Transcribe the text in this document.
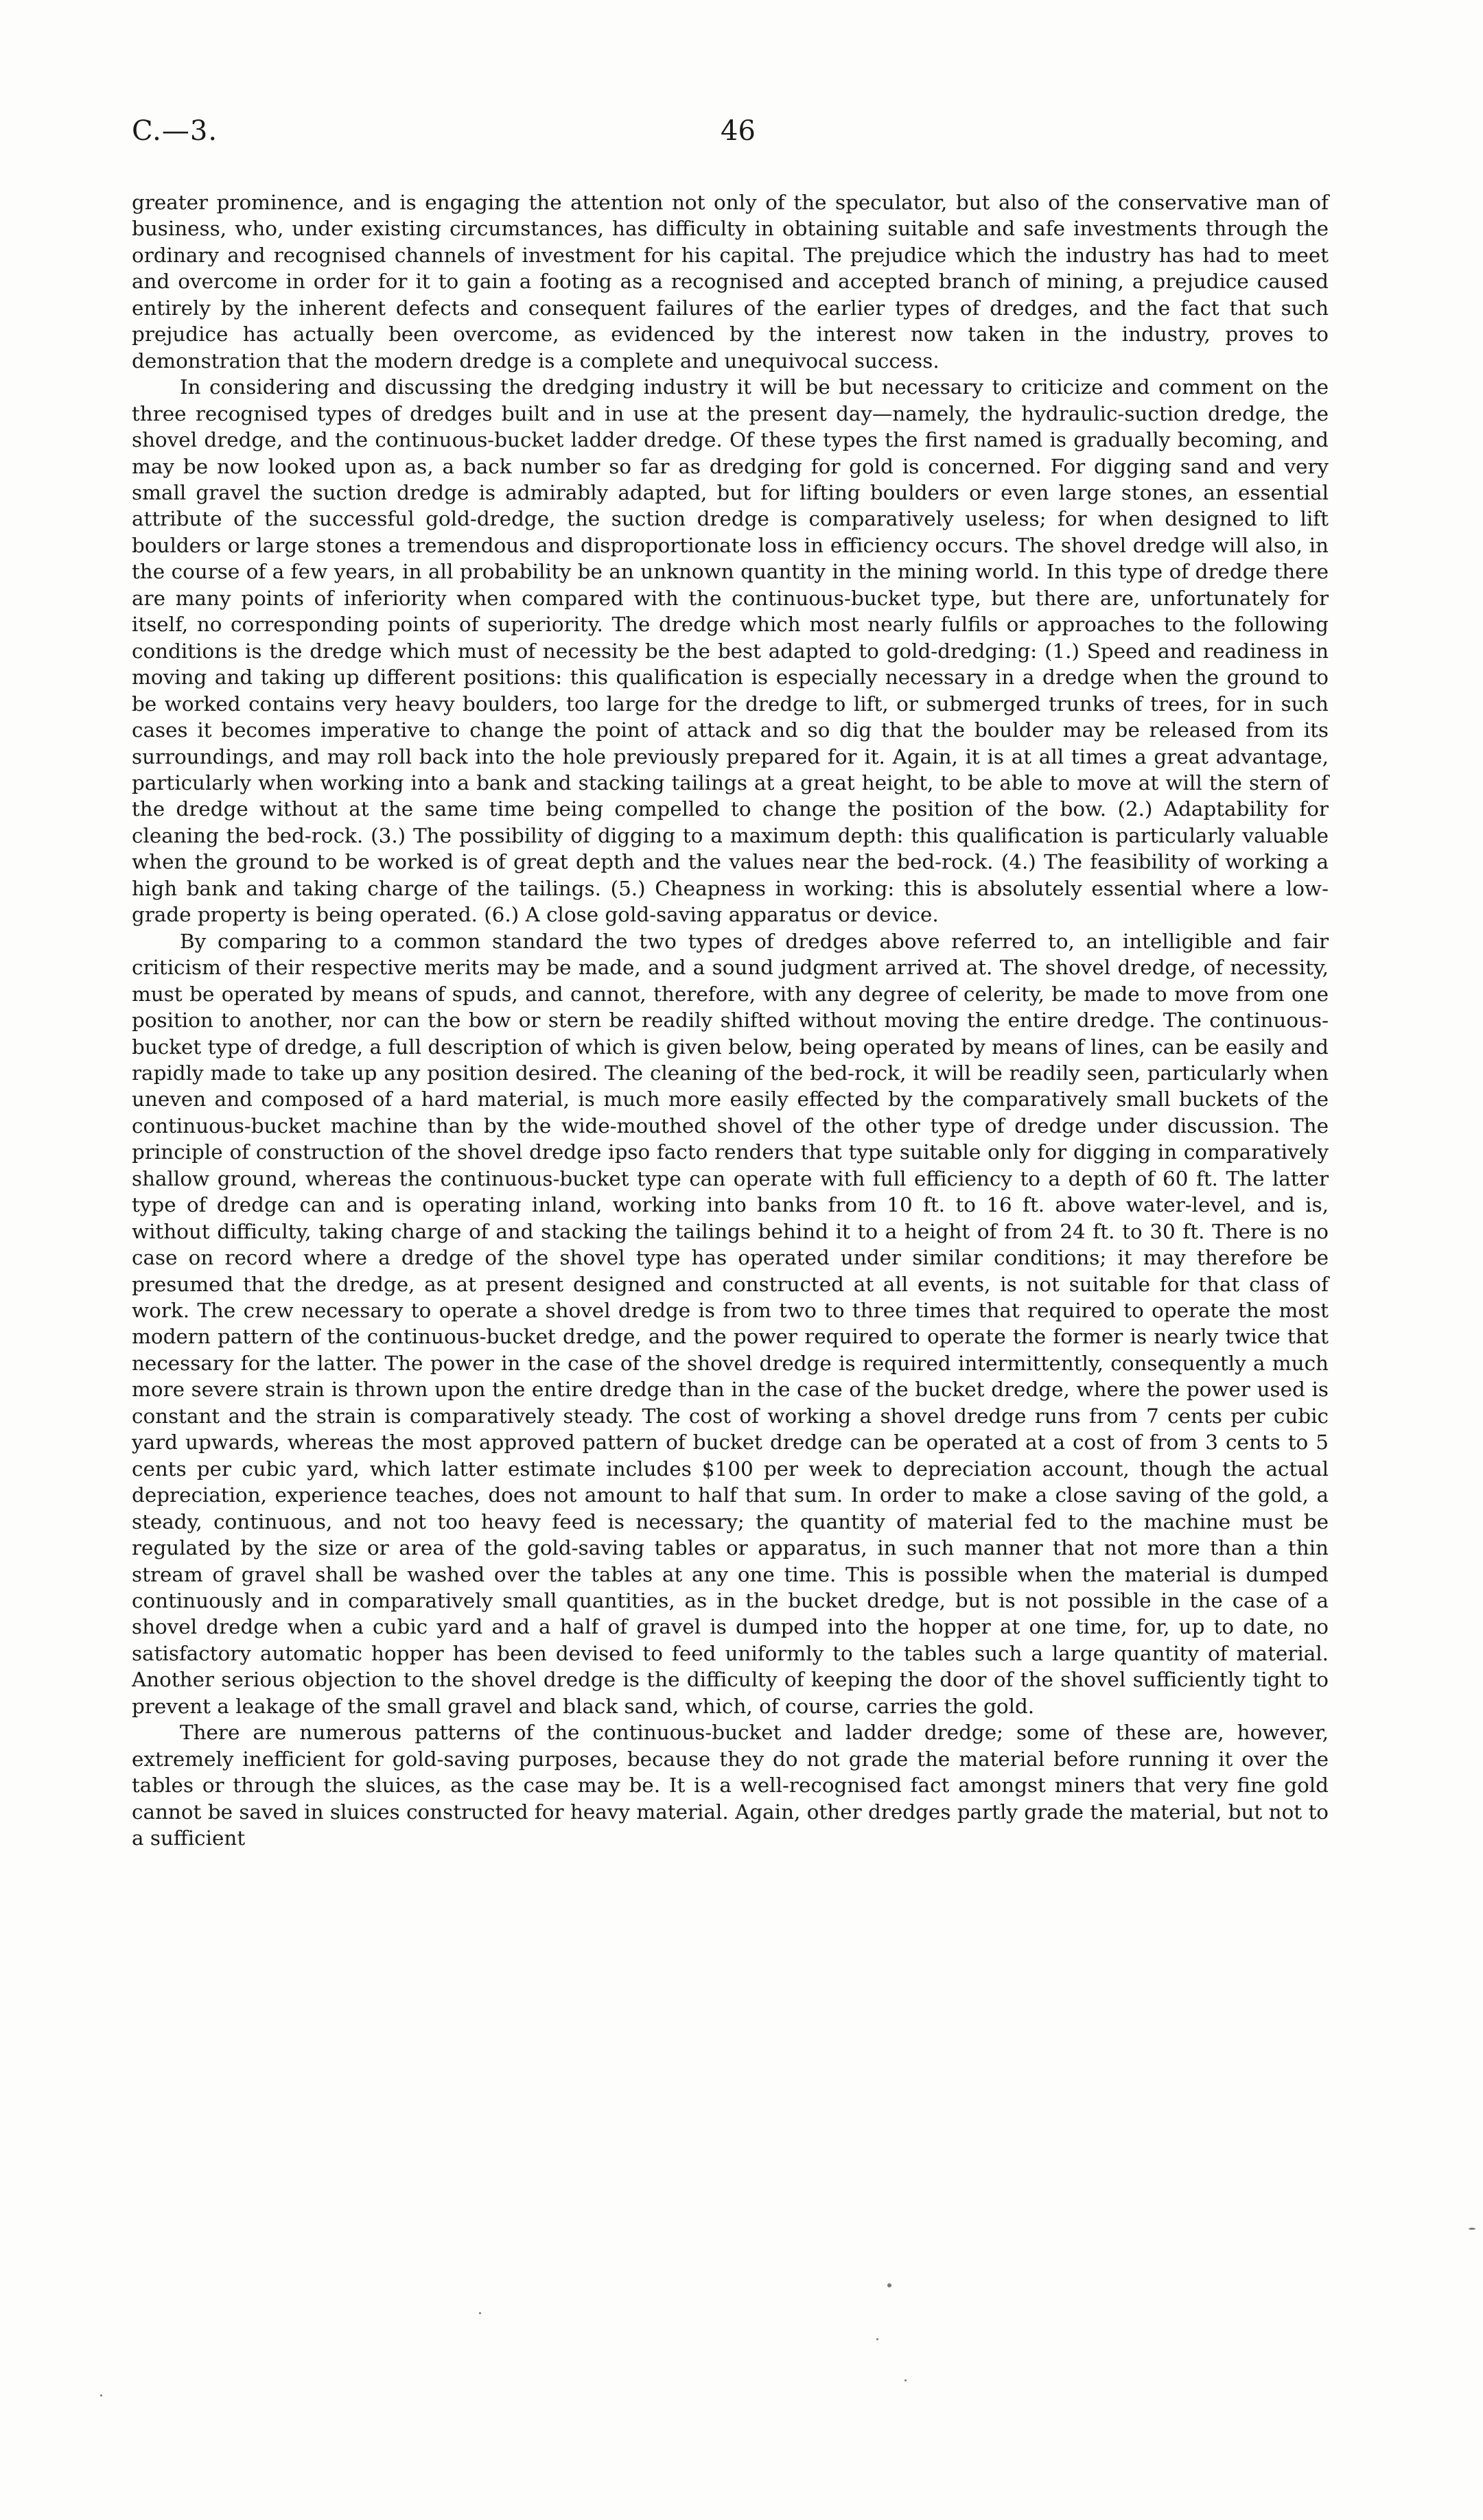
C.—3.	46

greater prominence, and is engaging the attention not only of the speculator, but also of the conservative man of business, who, under existing circumstances, has difficulty in obtaining suitable and safe investments through the ordinary and recognised channels of investment for his capital. The prejudice which the industry has had to meet and overcome in order for it to gain a footing as a recognised and accepted branch of mining, a prejudice caused entirely by the inherent defects and consequent failures of the earlier types of dredges, and the fact that such prejudice has actually been overcome, as evidenced by the interest now taken in the industry, proves to demonstration that the modern dredge is a complete and unequivocal success.

In considering and discussing the dredging industry it will be but necessary to criticize and comment on the three recognised types of dredges built and in use at the present day—namely, the hydraulic-suction dredge, the shovel dredge, and the continuous-bucket ladder dredge. Of these types the first named is gradually becoming, and may be now looked upon as, a back number so far as dredging for gold is concerned. For digging sand and very small gravel the suction dredge is admirably adapted, but for lifting boulders or even large stones, an essential attribute of the successful gold-dredge, the suction dredge is comparatively useless; for when designed to lift boulders or large stones a tremendous and disproportionate loss in efficiency occurs. The shovel dredge will also, in the course of a few years, in all probability be an unknown quantity in the mining world. In this type of dredge there are many points of inferiority when compared with the continuous-bucket type, but there are, unfortunately for itself, no corresponding points of superiority. The dredge which most nearly fulfils or approaches to the following conditions is the dredge which must of necessity be the best adapted to gold-dredging: (1.) Speed and readiness in moving and taking up different positions: this qualification is especially necessary in a dredge when the ground to be worked contains very heavy boulders, too large for the dredge to lift, or submerged trunks of trees, for in such cases it becomes imperative to change the point of attack and so dig that the boulder may be released from its surroundings, and may roll back into the hole previously prepared for it. Again, it is at all times a great advantage, particularly when working into a bank and stacking tailings at a great height, to be able to move at will the stern of the dredge without at the same time being compelled to change the position of the bow. (2.) Adaptability for cleaning the bed-rock. (3.) The possibility of digging to a maximum depth: this qualification is particularly valuable when the ground to be worked is of great depth and the values near the bed-rock. (4.) The feasibility of working a high bank and taking charge of the tailings. (5.) Cheapness in working: this is absolutely essential where a low-grade property is being operated. (6.) A close gold-saving apparatus or device.

By comparing to a common standard the two types of dredges above referred to, an intelligible and fair criticism of their respective merits may be made, and a sound judgment arrived at. The shovel dredge, of necessity, must be operated by means of spuds, and cannot, therefore, with any degree of celerity, be made to move from one position to another, nor can the bow or stern be readily shifted without moving the entire dredge. The continuous-bucket type of dredge, a full description of which is given below, being operated by means of lines, can be easily and rapidly made to take up any position desired. The cleaning of the bed-rock, it will be readily seen, particularly when uneven and composed of a hard material, is much more easily effected by the comparatively small buckets of the continuous-bucket machine than by the wide-mouthed shovel of the other type of dredge under discussion. The principle of construction of the shovel dredge ipso facto renders that type suitable only for digging in comparatively shallow ground, whereas the continuous-bucket type can operate with full efficiency to a depth of 60 ft. The latter type of dredge can and is operating inland, working into banks from 10 ft. to 16 ft. above water-level, and is, without difficulty, taking charge of and stacking the tailings behind it to a height of from 24 ft. to 30 ft. There is no case on record where a dredge of the shovel type has operated under similar conditions; it may therefore be presumed that the dredge, as at present designed and constructed at all events, is not suitable for that class of work. The crew necessary to operate a shovel dredge is from two to three times that required to operate the most modern pattern of the continuous-bucket dredge, and the power required to operate the former is nearly twice that necessary for the latter. The power in the case of the shovel dredge is required intermittently, consequently a much more severe strain is thrown upon the entire dredge than in the case of the bucket dredge, where the power used is constant and the strain is comparatively steady. The cost of working a shovel dredge runs from 7 cents per cubic yard upwards, whereas the most approved pattern of bucket dredge can be operated at a cost of from 3 cents to 5 cents per cubic yard, which latter estimate includes $100 per week to depreciation account, though the actual depreciation, experience teaches, does not amount to half that sum. In order to make a close saving of the gold, a steady, continuous, and not too heavy feed is necessary; the quantity of material fed to the machine must be regulated by the size or area of the gold-saving tables or apparatus, in such manner that not more than a thin stream of gravel shall be washed over the tables at any one time. This is possible when the material is dumped continuously and in comparatively small quantities, as in the bucket dredge, but is not possible in the case of a shovel dredge when a cubic yard and a half of gravel is dumped into the hopper at one time, for, up to date, no satisfactory automatic hopper has been devised to feed uniformly to the tables such a large quantity of material. Another serious objection to the shovel dredge is the difficulty of keeping the door of the shovel sufficiently tight to prevent a leakage of the small gravel and black sand, which, of course, carries the gold.

There are numerous patterns of the continuous-bucket and ladder dredge; some of these are, however, extremely inefficient for gold-saving purposes, because they do not grade the material before running it over the tables or through the sluices, as the case may be. It is a well-recognised fact amongst miners that very fine gold cannot be saved in sluices constructed for heavy material. Again, other dredges partly grade the material, but not to a sufficient
